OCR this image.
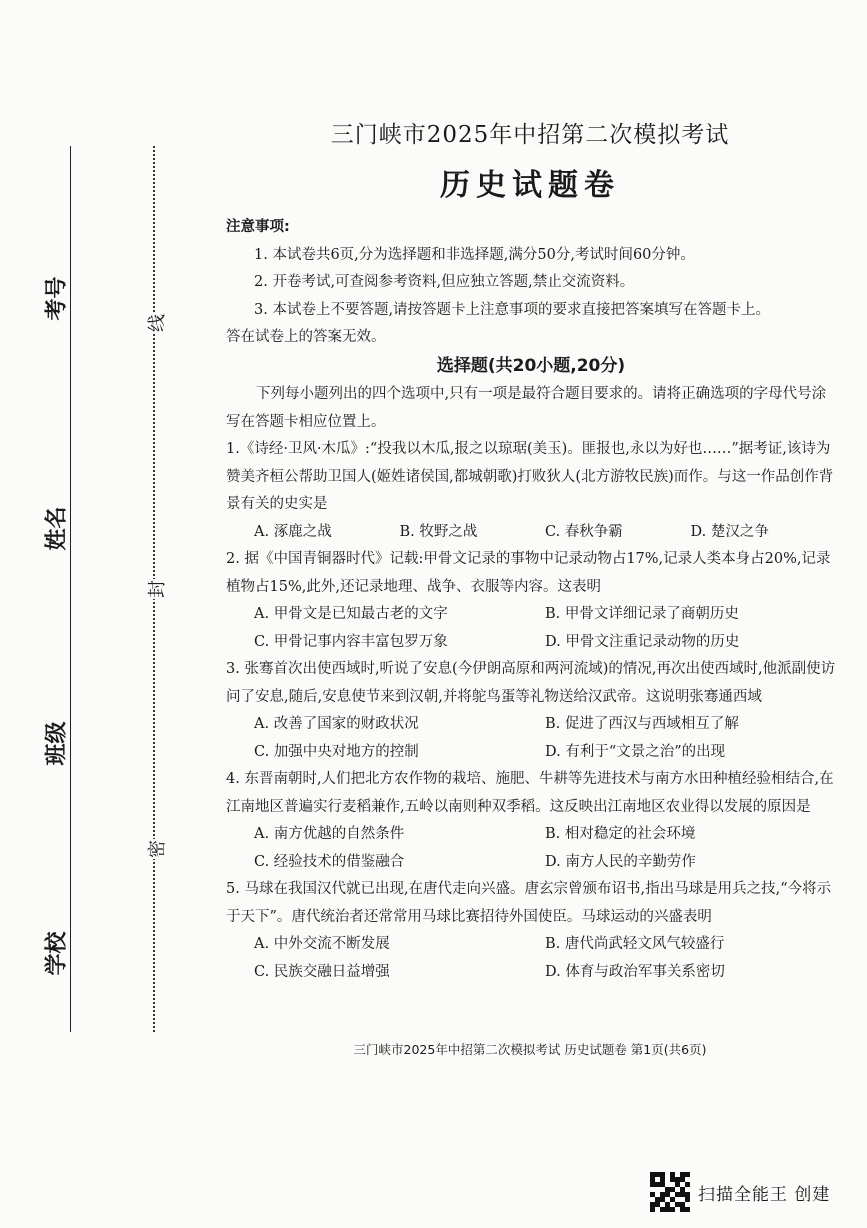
考号
姓名
班级
学校
线
封
密
三门峡市2025年中招第二次模拟考试
历史试题卷
注意事项:
1. 本试卷共6页,分为选择题和非选择题,满分50分,考试时间60分钟。
2. 开卷考试,可查阅参考资料,但应独立答题,禁止交流资料。
3. 本试卷上不要答题,请按答题卡上注意事项的要求直接把答案填写在答题卡上。
答在试卷上的答案无效。
选择题(共20小题,20分)
下列每小题列出的四个选项中,只有一项是最符合题目要求的。请将正确选项的字母代号涂写在答题卡相应位置上。
1.《诗经·卫风·木瓜》:“投我以木瓜,报之以琼琚(美玉)。匪报也,永以为好也……”据考证,该诗为赞美齐桓公帮助卫国人(姬姓诸侯国,都城朝歌)打败狄人(北方游牧民族)而作。与这一作品创作背景有关的史实是
A. 涿鹿之战	B. 牧野之战	C. 春秋争霸	D. 楚汉之争
2. 据《中国青铜器时代》记载:甲骨文记录的事物中记录动物占17%,记录人类本身占20%,记录植物占15%,此外,还记录地理、战争、衣服等内容。这表明
A. 甲骨文是已知最古老的文字	B. 甲骨文详细记录了商朝历史
C. 甲骨记事内容丰富包罗万象	D. 甲骨文注重记录动物的历史
3. 张骞首次出使西域时,听说了安息(今伊朗高原和两河流域)的情况,再次出使西域时,他派副使访问了安息,随后,安息使节来到汉朝,并将鸵鸟蛋等礼物送给汉武帝。这说明张骞通西域
A. 改善了国家的财政状况	B. 促进了西汉与西域相互了解
C. 加强中央对地方的控制	D. 有利于“文景之治”的出现
4. 东晋南朝时,人们把北方农作物的栽培、施肥、牛耕等先进技术与南方水田种植经验相结合,在江南地区普遍实行麦稻兼作,五岭以南则种双季稻。这反映出江南地区农业得以发展的原因是
A. 南方优越的自然条件	B. 相对稳定的社会环境
C. 经验技术的借鉴融合	D. 南方人民的辛勤劳作
5. 马球在我国汉代就已出现,在唐代走向兴盛。唐玄宗曾颁布诏书,指出马球是用兵之技,“今将示于天下”。唐代统治者还常常用马球比赛招待外国使臣。马球运动的兴盛表明
A. 中外交流不断发展	B. 唐代尚武轻文风气较盛行
C. 民族交融日益增强	D. 体育与政治军事关系密切
三门峡市2025年中招第二次模拟考试 历史试题卷 第1页(共6页)
扫描全能王 创建
